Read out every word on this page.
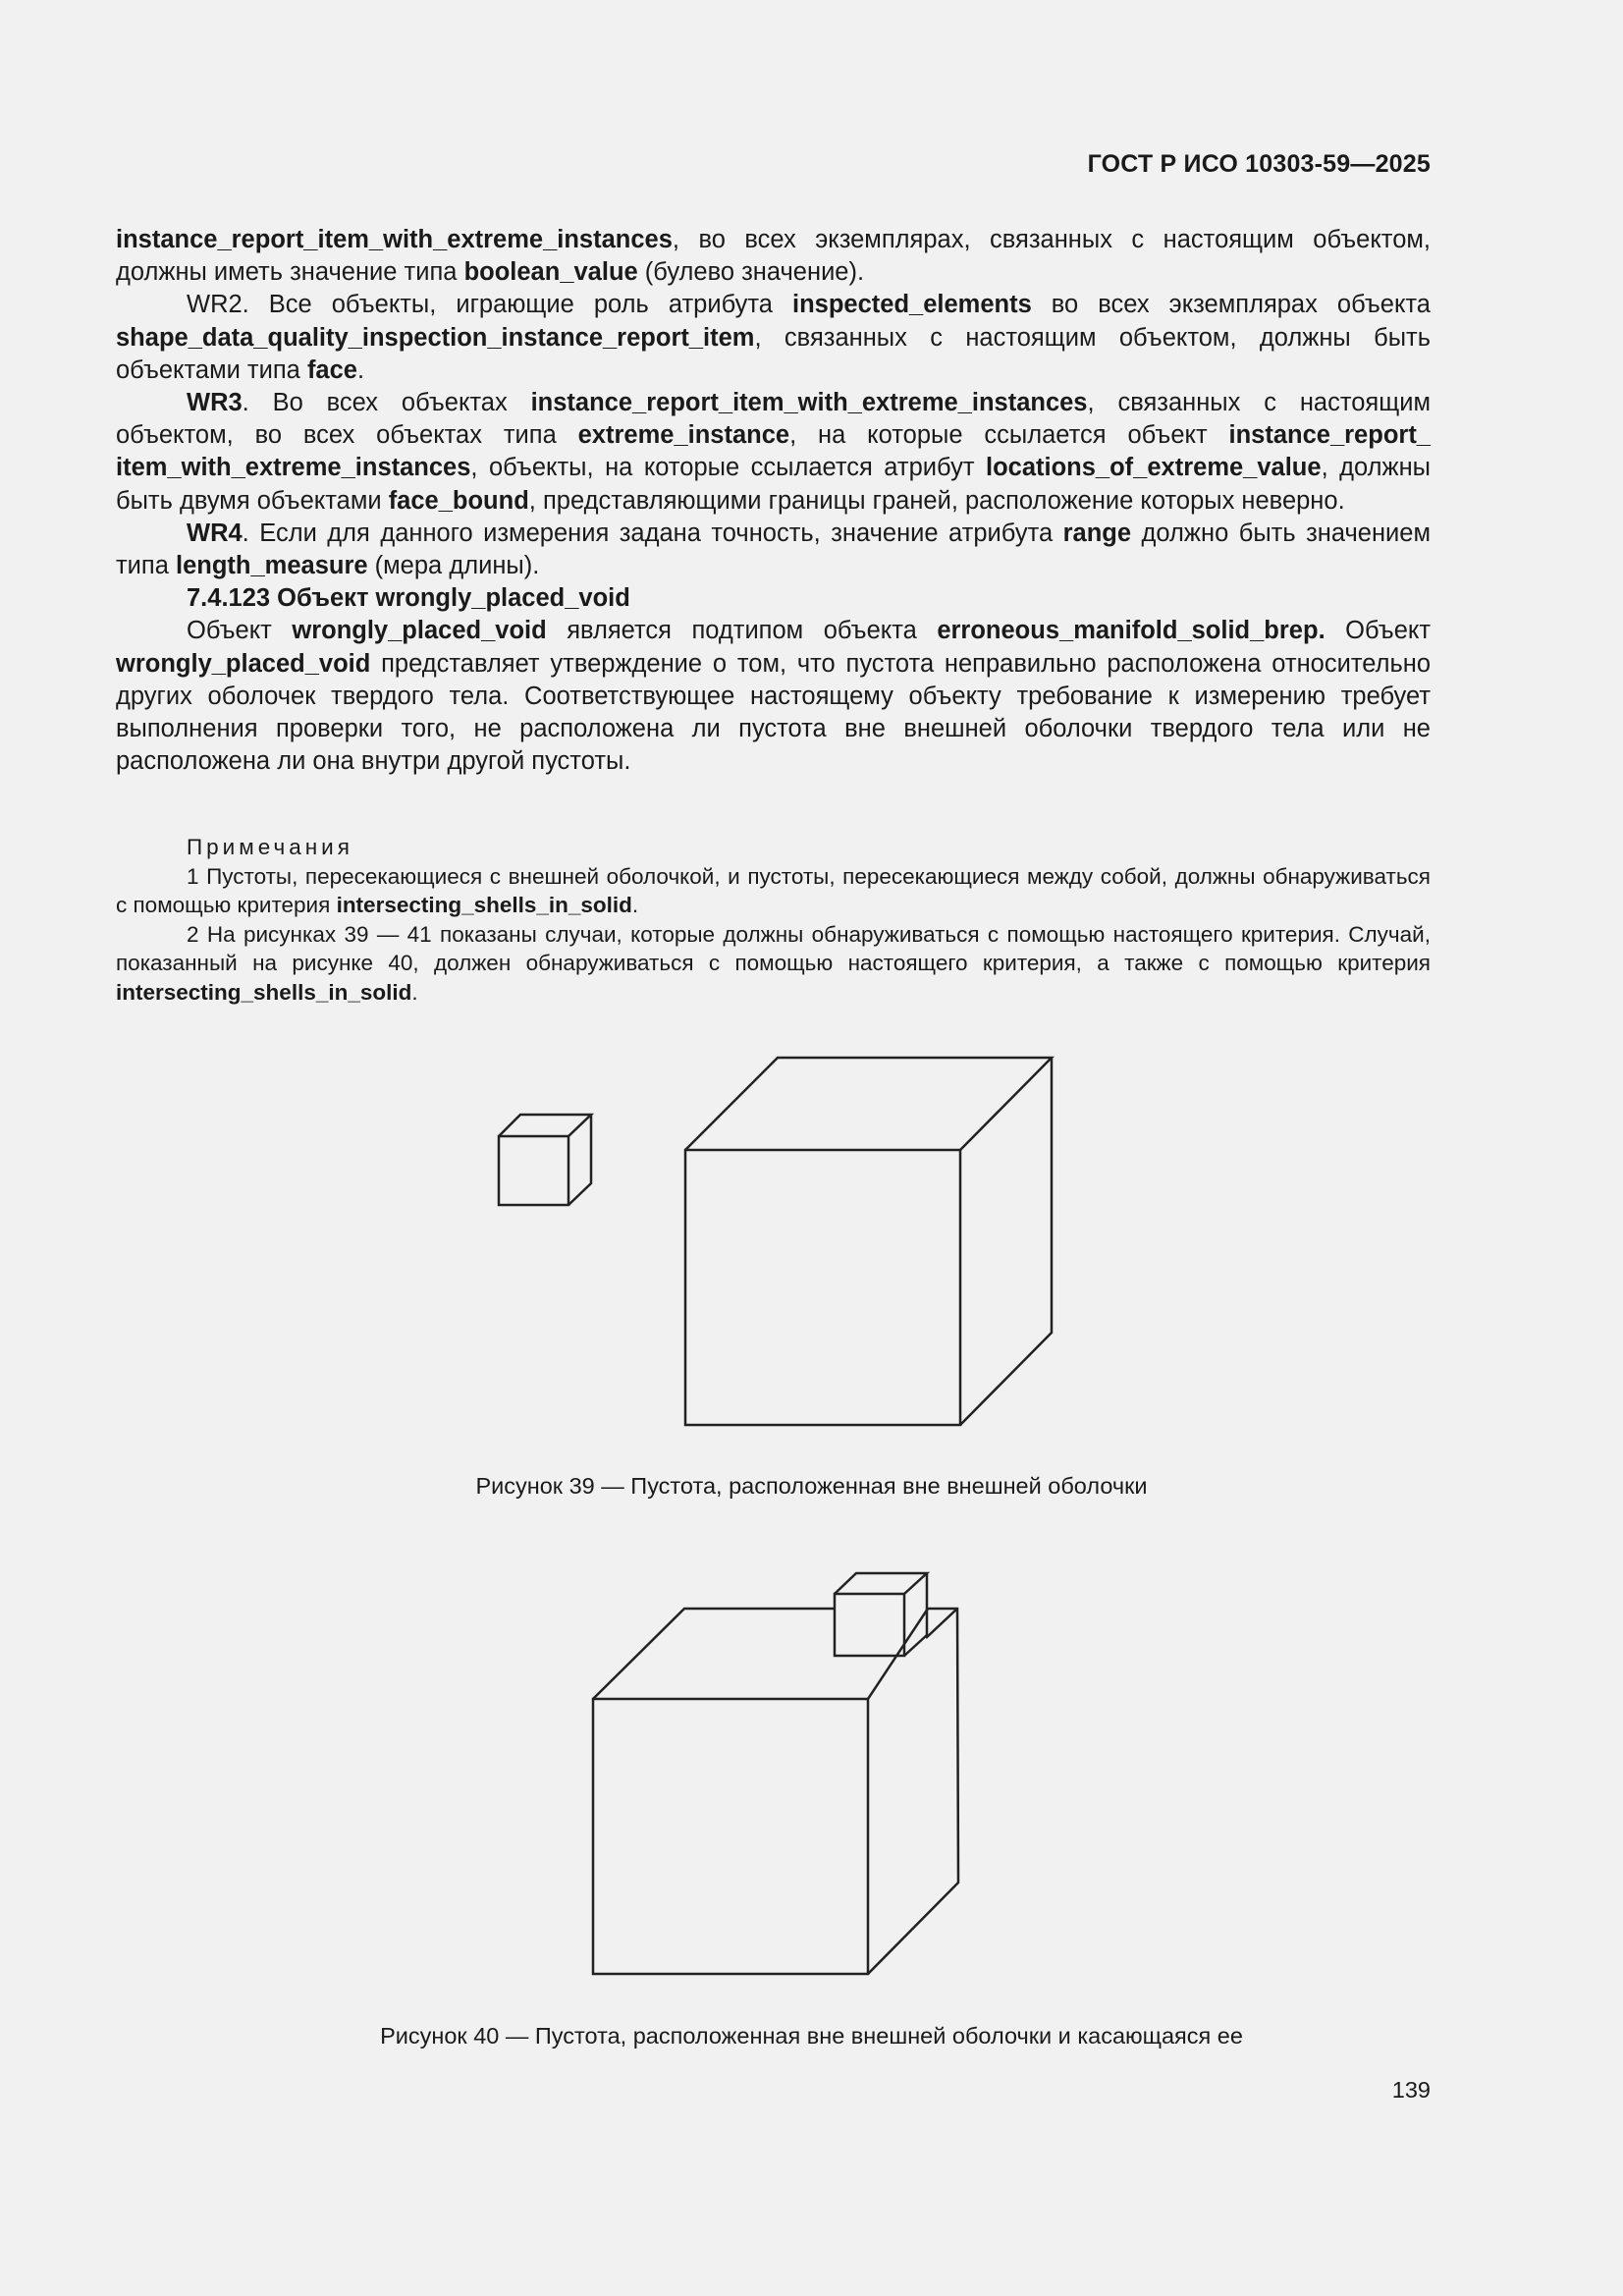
ГОСТ Р ИСО 10303-59—2025

instance_report_item_with_extreme_instances, во всех экземплярах, связанных с настоящим объектом, должны иметь значение типа boolean_value (булево значение).

WR2. Все объекты, играющие роль атрибута inspected_elements во всех экземплярах объекта shape_data_quality_inspection_instance_report_item, связанных с настоящим объектом, должны быть объектами типа face.

WR3. Во всех объектах instance_report_item_with_extreme_instances, связанных с настоящим объектом, во всех объектах типа extreme_instance, на которые ссылается объект instance_report_ item_with_extreme_instances, объекты, на которые ссылается атрибут locations_of_extreme_value, должны быть двумя объектами face_bound, представляющими границы граней, расположение которых неверно.

WR4. Если для данного измерения задана точность, значение атрибута range должно быть значением типа length_measure (мера длины).

7.4.123 Объект wrongly_placed_void

Объект wrongly_placed_void является подтипом объекта erroneous_manifold_solid_brep. Объект wrongly_placed_void представляет утверждение о том, что пустота неправильно расположена относительно других оболочек твердого тела. Соответствующее настоящему объекту требование к измерению требует выполнения проверки того, не расположена ли пустота вне внешней оболочки твердого тела или не расположена ли она внутри другой пустоты.

Примечания

1 Пустоты, пересекающиеся с внешней оболочкой, и пустоты, пересекающиеся между собой, должны обнаруживаться с помощью критерия intersecting_shells_in_solid.

2 На рисунках 39 — 41 показаны случаи, которые должны обнаруживаться с помощью настоящего критерия. Случай, показанный на рисунке 40, должен обнаруживаться с помощью настоящего критерия, а также с помощью критерия intersecting_shells_in_solid.

Рисунок 39 — Пустота, расположенная вне внешней оболочки
Рисунок 40 — Пустота, расположенная вне внешней оболочки и касающаяся ее
139
